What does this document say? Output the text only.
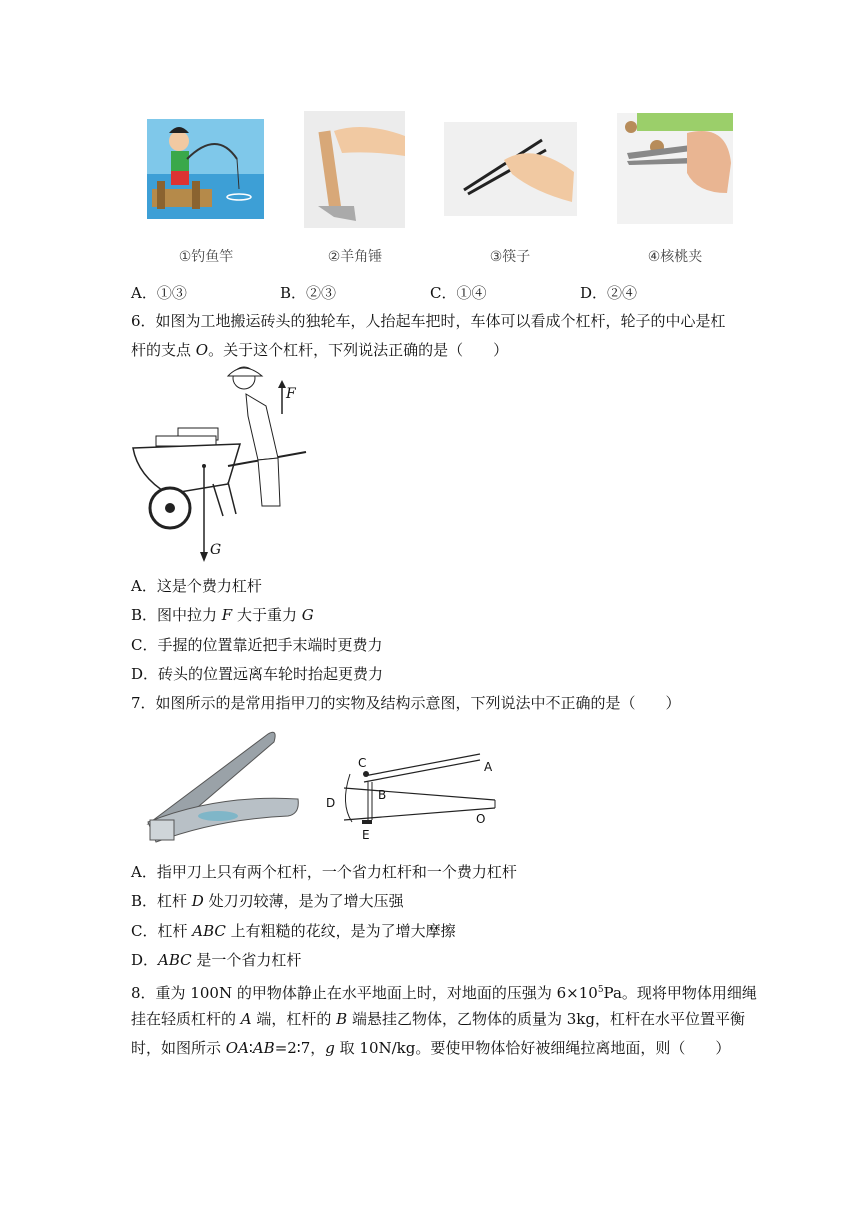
①钓鱼竿	②羊角锤	③筷子	④核桃夹
A．①③	B．②③	C．①④	D．②④
6．如图为工地搬运砖头的独轮车，人抬起车把时，车体可以看成个杠杆，轮子的中心是杠
杆的支点 O。关于这个杠杆，下列说法正确的是（　　）
F
G
A．这是个费力杠杆
B．图中拉力 F 大于重力 G
C．手握的位置靠近把手末端时更费力
D．砖头的位置远离车轮时抬起更费力
7．如图所示的是常用指甲刀的实物及结构示意图，下列说法中不正确的是（　　）
C	A
B
D
O
E
A．指甲刀上只有两个杠杆，一个省力杠杆和一个费力杠杆
B．杠杆 D 处刀刃较薄，是为了增大压强
C．杠杆 ABC 上有粗糙的花纹，是为了增大摩擦
D．ABC 是一个省力杠杆
8．重为 100N 的甲物体静止在水平地面上时，对地面的压强为 $6\times 10^5Pa$。现将甲物体用细绳
挂在轻质杠杆的 A 端，杠杆的 B 端悬挂乙物体，乙物体的质量为 3kg，杠杆在水平位置平衡
时，如图所示 OA∶AB=2∶7，g 取 10N/kg。要使甲物体恰好被细绳拉离地面，则（　　）
